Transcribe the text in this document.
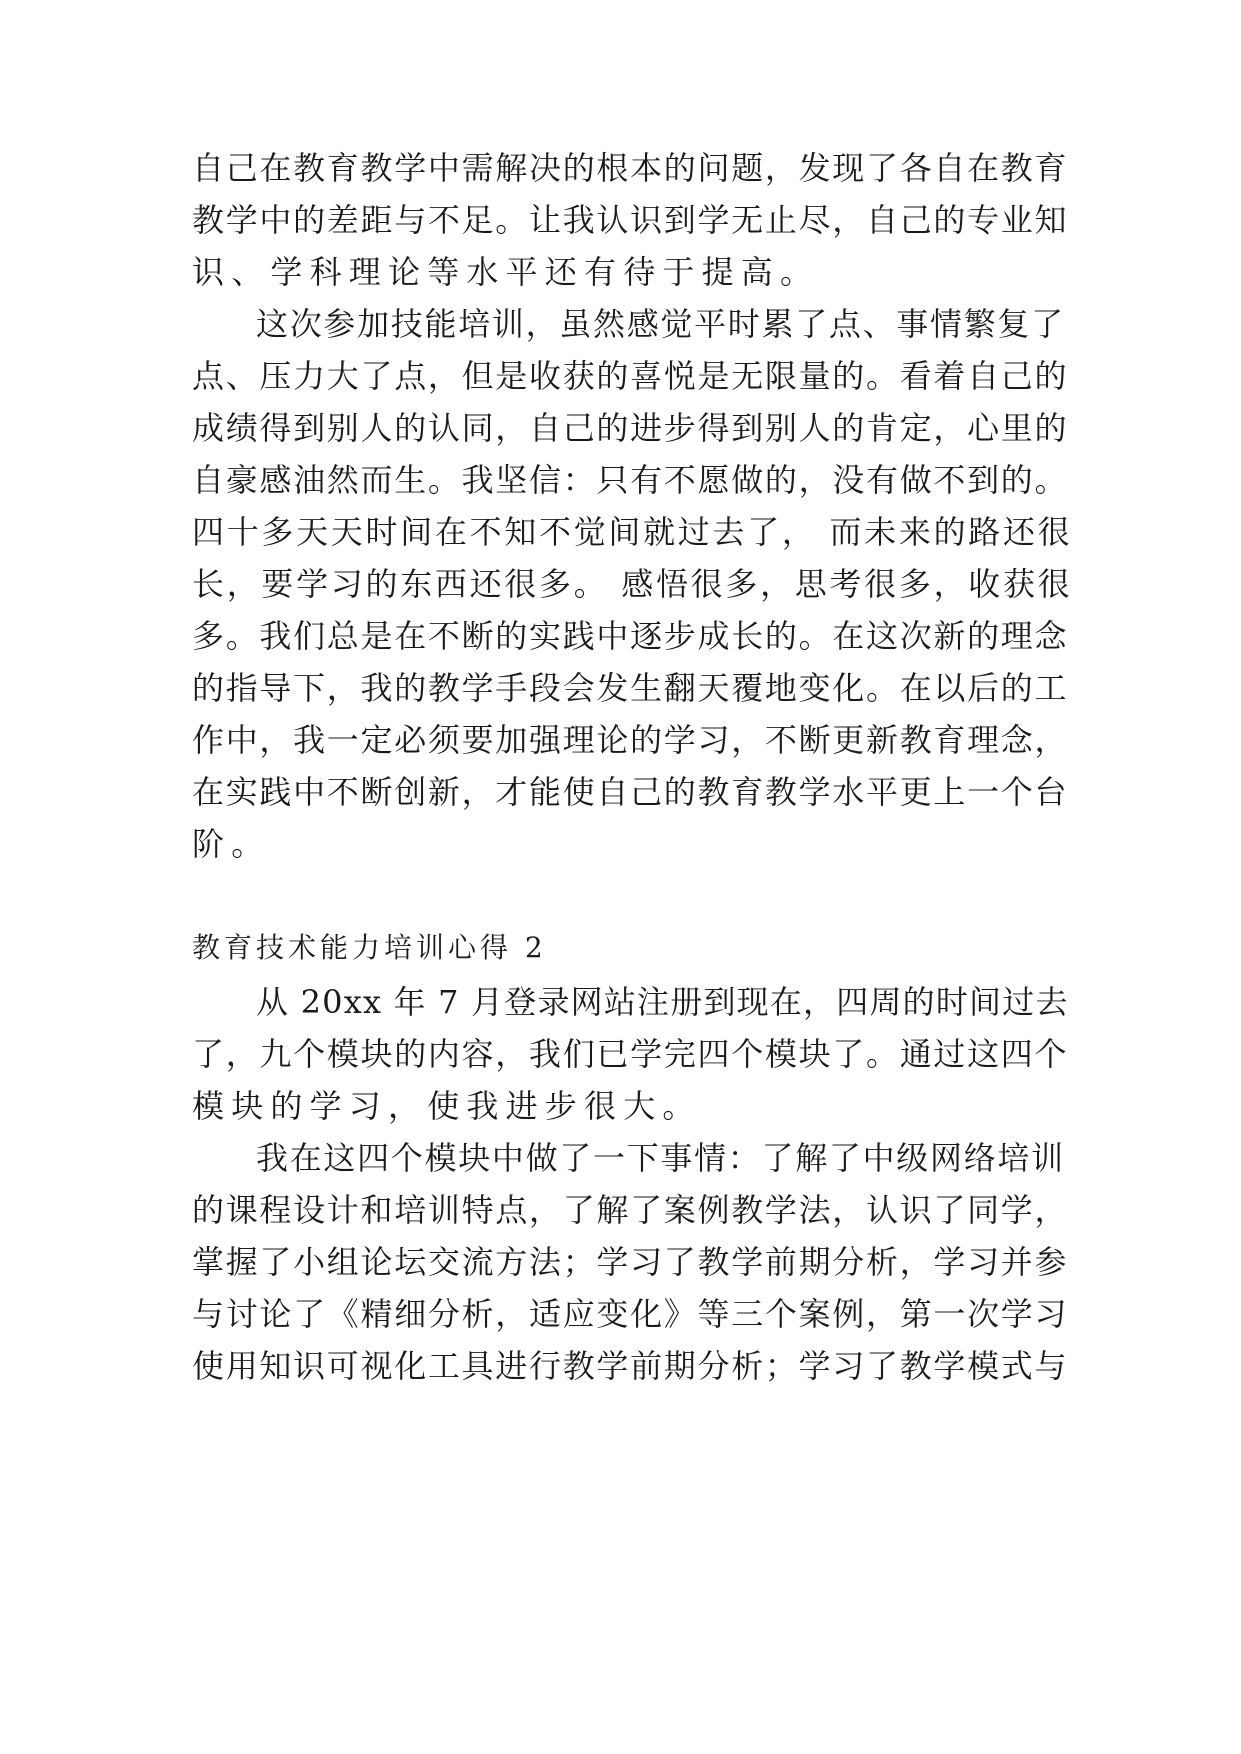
自己在教育教学中需解决的根本的问题，发现了各自在教育
教学中的差距与不足。让我认识到学无止尽，自己的专业知
识、学科理论等水平还有待于提高。
这次参加技能培训，虽然感觉平时累了点、事情繁复了
点、压力大了点，但是收获的喜悦是无限量的。看着自己的
成绩得到别人的认同，自己的进步得到别人的肯定，心里的
自豪感油然而生。我坚信：只有不愿做的，没有做不到的。
四十多天天时间在不知不觉间就过去了， 而未来的路还很
长，要学习的东西还很多。 感悟很多，思考很多，收获很
多。我们总是在不断的实践中逐步成长的。在这次新的理念
的指导下，我的教学手段会发生翻天覆地变化。在以后的工
作中，我一定必须要加强理论的学习，不断更新教育理念，
在实践中不断创新，才能使自己的教育教学水平更上一个台
阶。
教育技术能力培训心得 2
从 20xx 年 7 月登录网站注册到现在，四周的时间过去
了，九个模块的内容，我们已学完四个模块了。通过这四个
模块的学习，使我进步很大。
我在这四个模块中做了一下事情：了解了中级网络培训
的课程设计和培训特点，了解了案例教学法，认识了同学，
掌握了小组论坛交流方法；学习了教学前期分析，学习并参
与讨论了《精细分析，适应变化》等三个案例，第一次学习
使用知识可视化工具进行教学前期分析；学习了教学模式与
